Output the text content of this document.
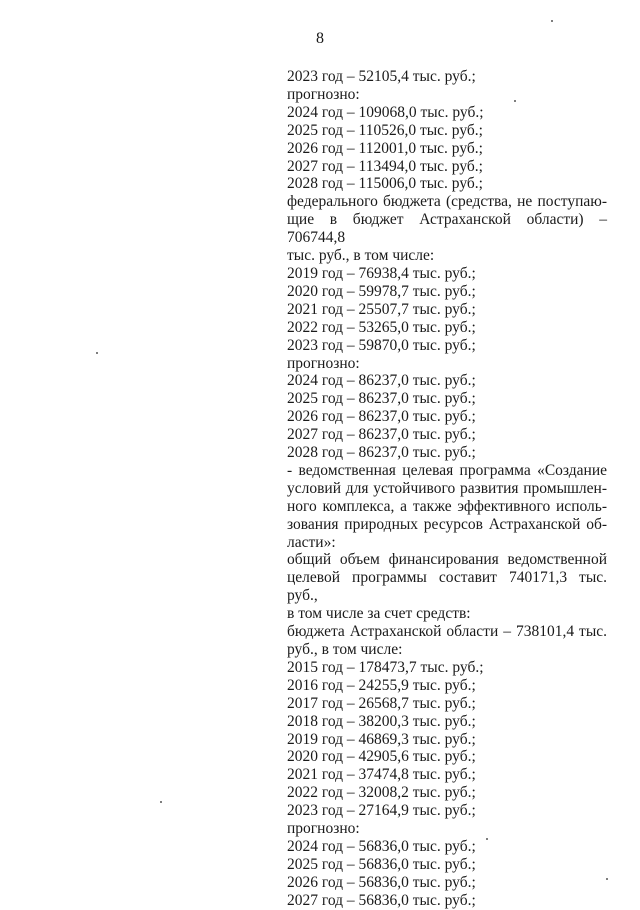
8
2023 год – 52105,4 тыс. руб.;
прогнозно:
2024 год – 109068,0 тыс. руб.;
2025 год – 110526,0 тыс. руб.;
2026 год – 112001,0 тыс. руб.;
2027 год – 113494,0 тыс. руб.;
2028 год – 115006,0 тыс. руб.;
федерального бюджета (средства, не поступаю-
щие в бюджет Астраханской области) – 706744,8
тыс. руб., в том числе:
2019 год – 76938,4 тыс. руб.;
2020 год – 59978,7 тыс. руб.;
2021 год – 25507,7 тыс. руб.;
2022 год – 53265,0 тыс. руб.;
2023 год – 59870,0 тыс. руб.;
прогнозно:
2024 год – 86237,0 тыс. руб.;
2025 год – 86237,0 тыс. руб.;
2026 год – 86237,0 тыс. руб.;
2027 год – 86237,0 тыс. руб.;
2028 год – 86237,0 тыс. руб.;
- ведомственная целевая программа «Создание
условий для устойчивого развития промышлен-
ного комплекса, а также эффективного исполь-
зования природных ресурсов Астраханской об-
ласти»:
общий объем финансирования ведомственной
целевой программы составит 740171,3 тыс. руб.,
в том числе за счет средств:
бюджета Астраханской области – 738101,4 тыс.
руб., в том числе:
2015 год – 178473,7 тыс. руб.;
2016 год – 24255,9 тыс. руб.;
2017 год – 26568,7 тыс. руб.;
2018 год – 38200,3 тыс. руб.;
2019 год – 46869,3 тыс. руб.;
2020 год – 42905,6 тыс. руб.;
2021 год – 37474,8 тыс. руб.;
2022 год – 32008,2 тыс. руб.;
2023 год – 27164,9 тыс. руб.;
прогнозно:
2024 год – 56836,0 тыс. руб.;
2025 год – 56836,0 тыс. руб.;
2026 год – 56836,0 тыс. руб.;
2027 год – 56836,0 тыс. руб.;
